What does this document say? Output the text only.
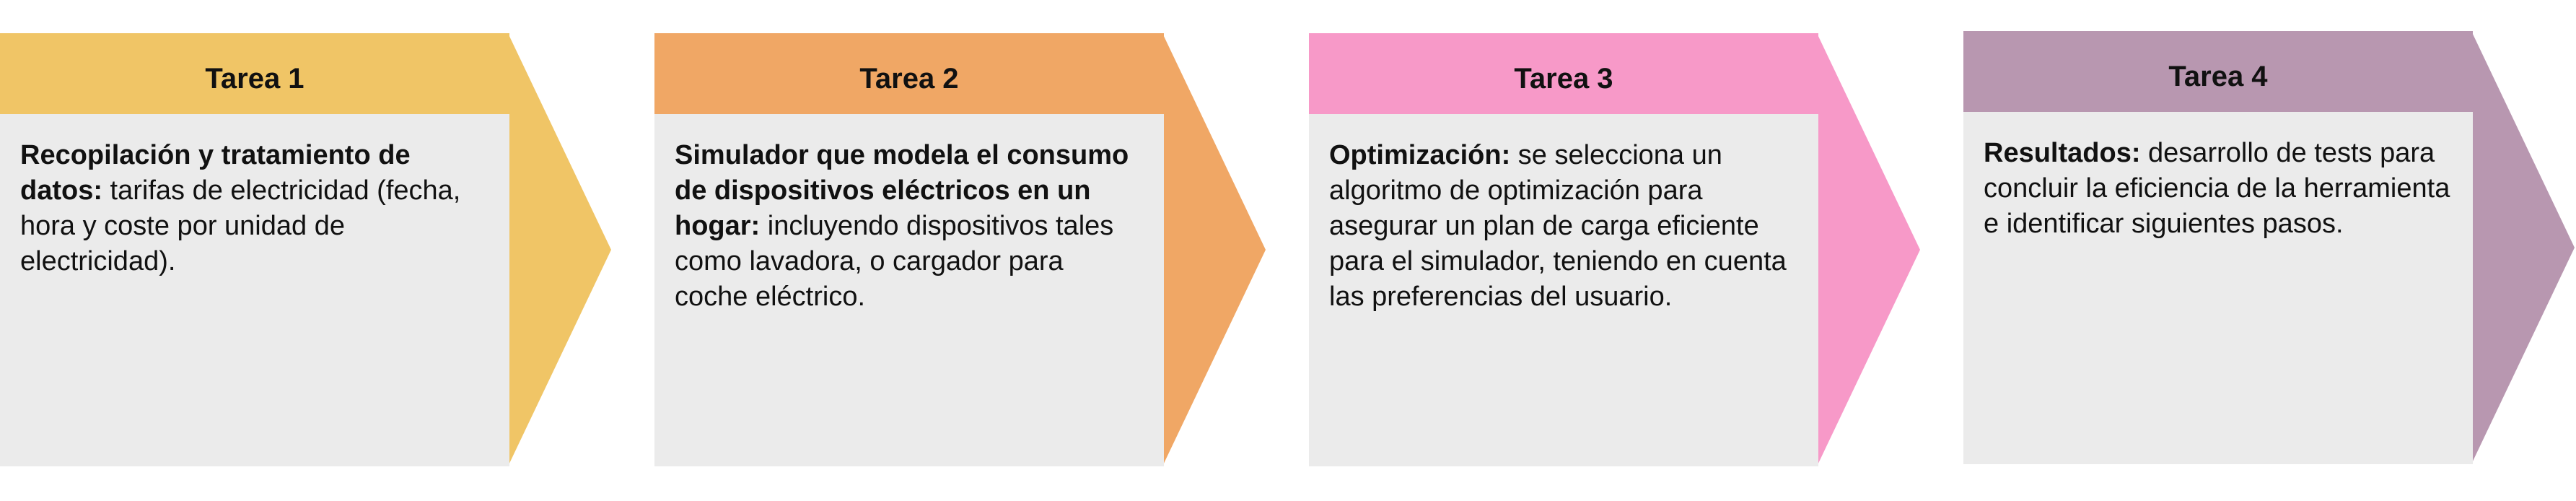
Tarea 1
Recopilación y tratamiento de datos: tarifas de electricidad (fecha, hora y coste por unidad de electricidad).
Tarea 2
Simulador que modela el consumo de dispositivos eléctricos en un hogar: incluyendo dispositivos tales como lavadora, o cargador para coche eléctrico.
Tarea 3
Optimización: se selecciona un algoritmo de optimización para asegurar un plan de carga eficiente para el simulador, teniendo en cuenta las preferencias del usuario.
Tarea 4
Resultados: desarrollo de tests para concluir la eficiencia de la herramienta e identificar siguientes pasos.
